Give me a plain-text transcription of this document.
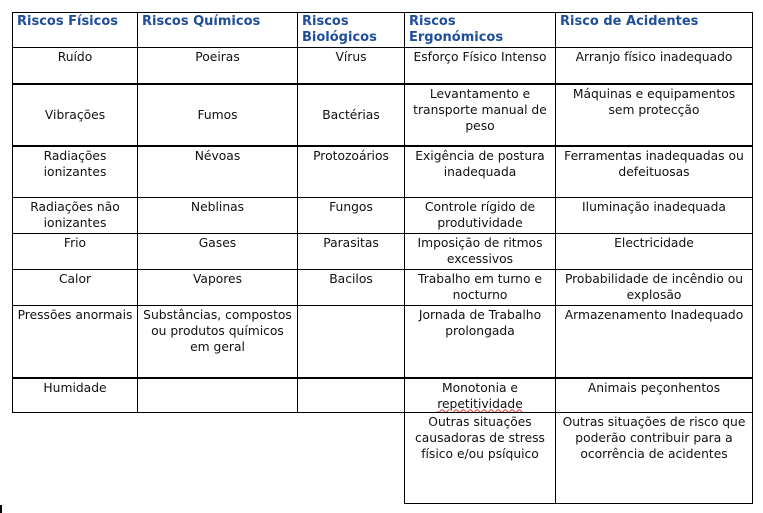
Riscos Físicos	Riscos Químicos	Riscos Biológicos	Riscos Ergonómicos	Risco de Acidentes
Ruído	Poeiras	Vírus	Esforço Físico Intenso	Arranjo físico inadequado
Vibrações	Fumos	Bactérias	Levantamento e transporte manual de peso	Máquinas e equipamentos sem protecção
Radiações ionizantes	Névoas	Protozoários	Exigência de postura inadequada	Ferramentas inadequadas ou defeituosas
Radiações não ionizantes	Neblinas	Fungos	Controle rígido de produtividade	Iluminação inadequada
Frio	Gases	Parasitas	Imposição de ritmos excessivos	Electricidade
Calor	Vapores	Bacilos	Trabalho em turno e nocturno	Probabilidade de incêndio ou explosão
Pressões anormais	Substâncias, compostos ou produtos químicos em geral		Jornada de Trabalho prolongada	Armazenamento Inadequado
Humidade			Monotonia e repetitividade	Animais peçonhentos
			Outras situações causadoras de stress físico e/ou psíquico	Outras situações de risco que poderão contribuir para a ocorrência de acidentes
